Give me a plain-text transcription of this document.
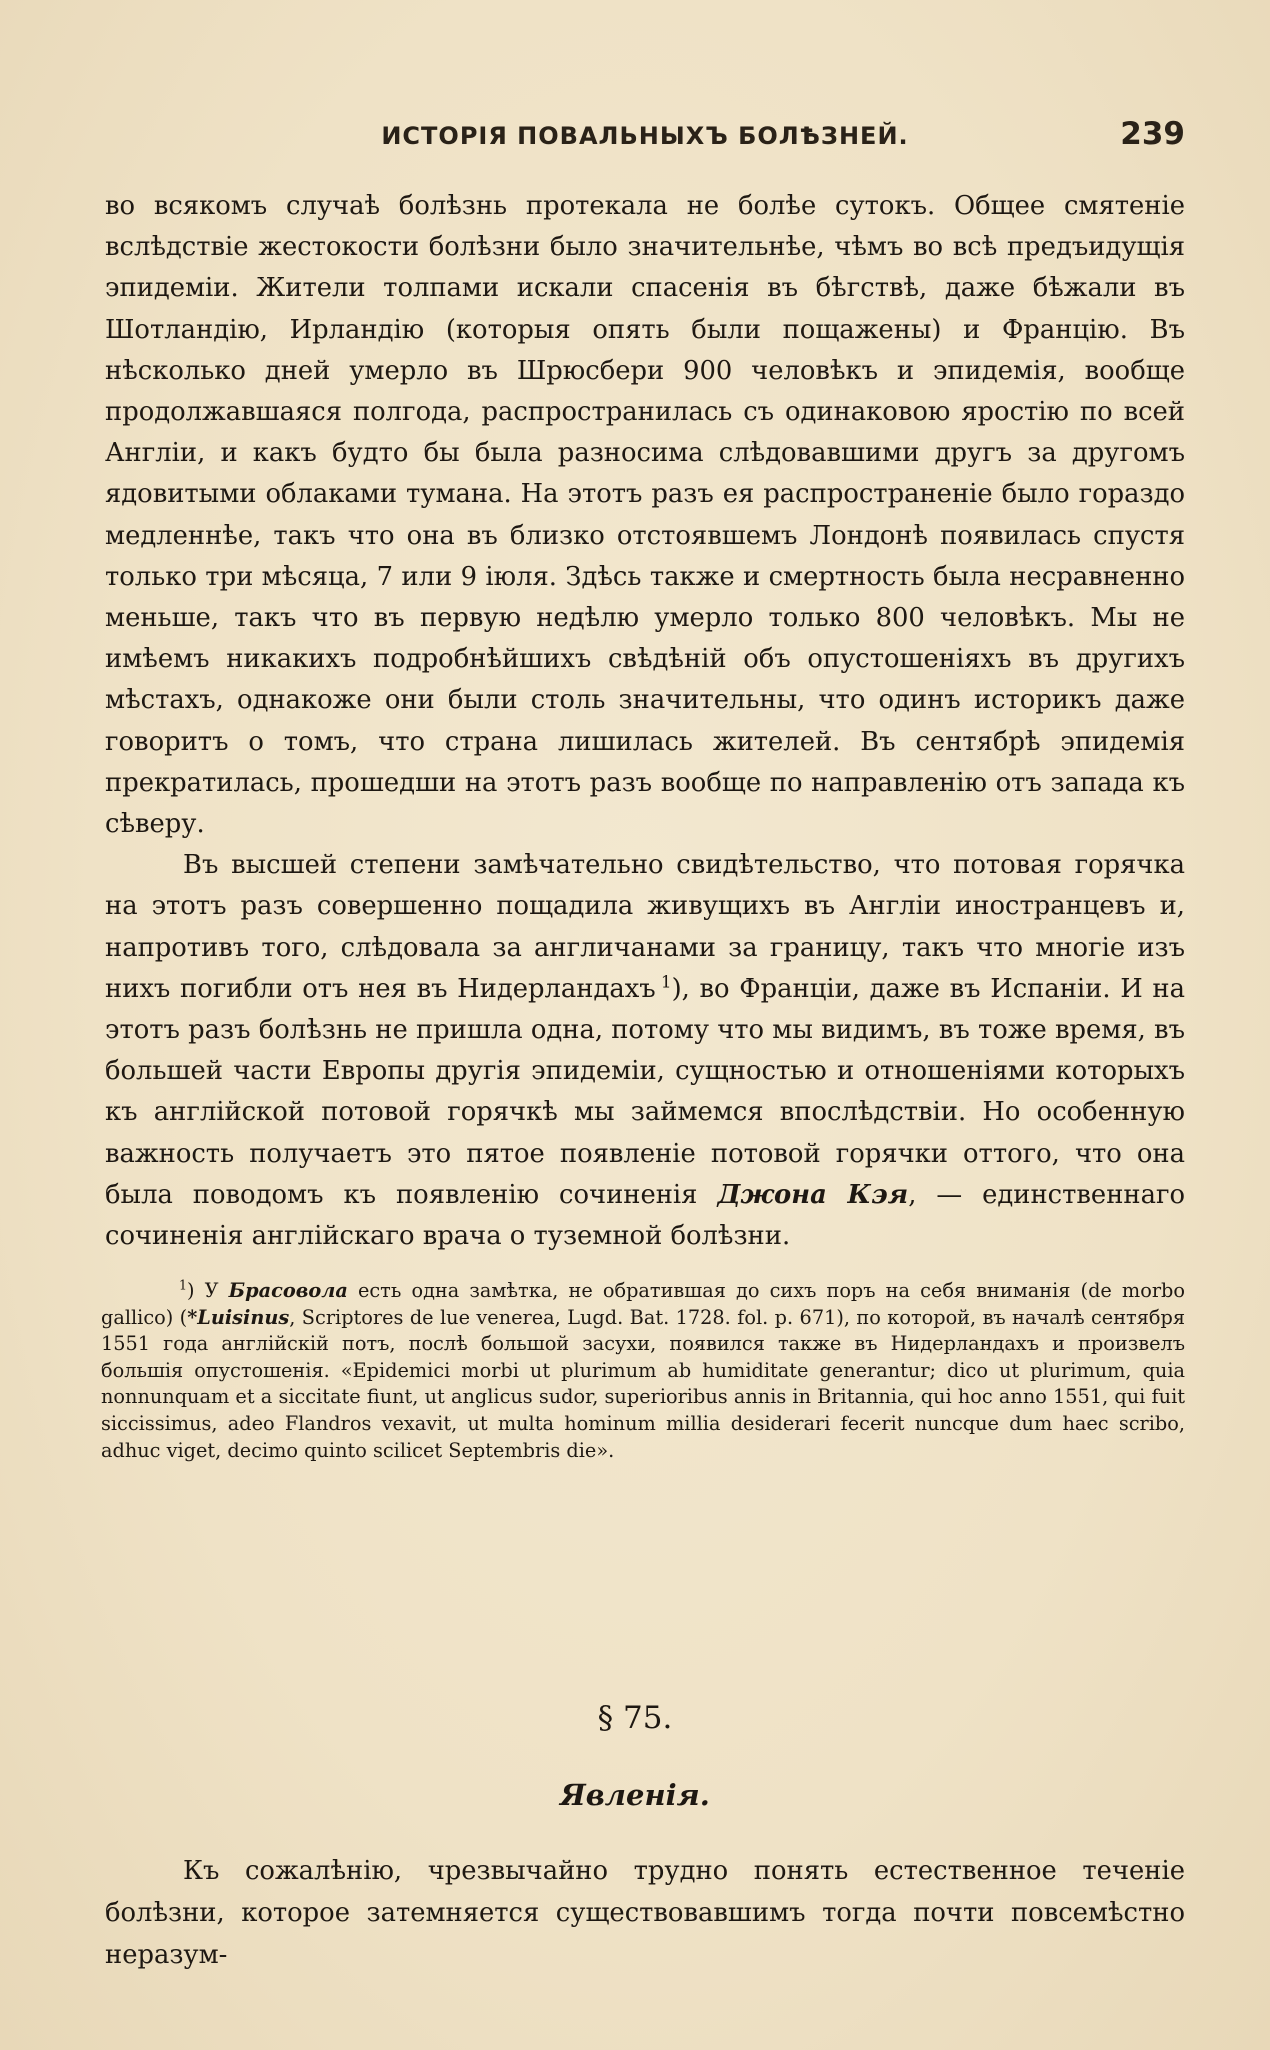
ИСТОРІЯ ПОВАЛЬНЫХЪ БОЛѢЗНЕЙ.	239

во всякомъ случаѣ болѣзнь протекала не болѣе сутокъ. Общее смятеніе вслѣдствіе жестокости болѣзни было значительнѣе, чѣмъ во всѣ предъидущія эпидеміи. Жители толпами искали спасенія въ бѣгствѣ, даже бѣжали въ Шотландію, Ирландію (которыя опять были пощажены) и Францію. Въ нѣсколько дней умерло въ Шрюсбери 900 человѣкъ и эпидемія, вообще продолжавшаяся полгода, распространилась съ одинаковою яростію по всей Англіи, и какъ будто бы была разносима слѣдовавшими другъ за другомъ ядовитыми облаками тумана. На этотъ разъ ея распространеніе было гораздо медленнѣе, такъ что она въ близко отстоявшемъ Лондонѣ появилась спустя только три мѣсяца, 7 или 9 іюля. Здѣсь также и смертность была несравненно меньше, такъ что въ первую недѣлю умерло только 800 человѣкъ. Мы не имѣемъ никакихъ подробнѣйшихъ свѣдѣній объ опустошеніяхъ въ другихъ мѣстахъ, однакоже они были столь значительны, что одинъ историкъ даже говоритъ о томъ, что страна лишилась жителей. Въ сентябрѣ эпидемія прекратилась, прошедши на этотъ разъ вообще по направленію отъ запада къ сѣверу.

Въ высшей степени замѣчательно свидѣтельство, что потовая горячка на этотъ разъ совершенно пощадила живущихъ въ Англіи иностранцевъ и, напротивъ того, слѣдовала за англичанами за границу, такъ что многіе изъ нихъ погибли отъ нея въ Нидерландахъ  $^1$), во Франціи, даже въ Испаніи. И на этотъ разъ болѣзнь не пришла одна, потому что мы видимъ, въ тоже время, въ большей части Европы другія эпидеміи, сущностью и отношеніями которыхъ къ англійской потовой горячкѣ мы займемся впослѣдствіи. Но особенную важность получаетъ это пятое появленіе потовой горячки оттого, что она была поводомъ къ появленію сочиненія Джона Кэя, — единственнаго сочиненія англійскаго врача о туземной болѣзни.

$^1$) У Брасовола есть одна замѣтка, не обратившая до сихъ поръ на себя вниманія (de morbo gallico) (*Luisinus, Scriptores de lue venerea, Lugd. Bat. 1728. fol. p. 671), по которой, въ началѣ сентября 1551 года англійскій потъ, послѣ большой засухи, появился также въ Нидерландахъ и произвелъ большія опустошенія. «Epidemici morbi ut plurimum ab humiditate generantur; dico ut plurimum, quia nonnunquam et a siccitate fiunt, ut anglicus sudor, superioribus annis in Britannia, qui hoc anno 1551, qui fuit siccissimus, adeo Flandros vexavit, ut multa hominum millia desiderari fecerit nuncque dum haec scribo, adhuc viget, decimo quinto scilicet Septembris die».

§ 75.
Явленія.

Къ сожалѣнію, чрезвычайно трудно понять естественное теченіе болѣзни, которое затемняется существовавшимъ тогда почти повсемѣстно неразум-
